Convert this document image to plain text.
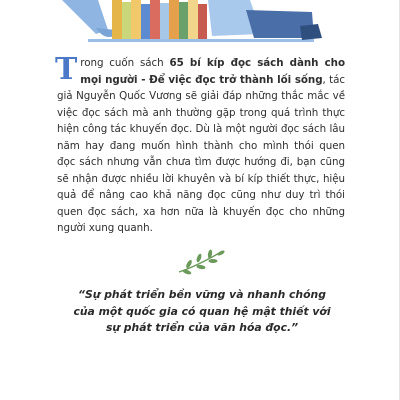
Trong cuốn sách 65 bí kíp đọc sách dành cho mọi người - Để việc đọc trở thành lối sống, tác giả Nguyễn Quốc Vương sẽ giải đáp những thắc mắc về việc đọc sách mà anh thường gặp trong quá trình thực hiện công tác khuyến đọc. Dù là một người đọc sách lâu năm hay đang muốn hình thành cho mình thói quen đọc sách nhưng vẫn chưa tìm được hướng đi, bạn cũng sẽ nhận được nhiều lời khuyên và bí kíp thiết thực, hiệu quả để nâng cao khả năng đọc cũng như duy trì thói quen đọc sách, xa hơn nữa là khuyến đọc cho những người xung quanh.
“Sự phát triển bền vững và nhanh chóng của một quốc gia có quan hệ mật thiết với sự phát triển của văn hóa đọc.”
